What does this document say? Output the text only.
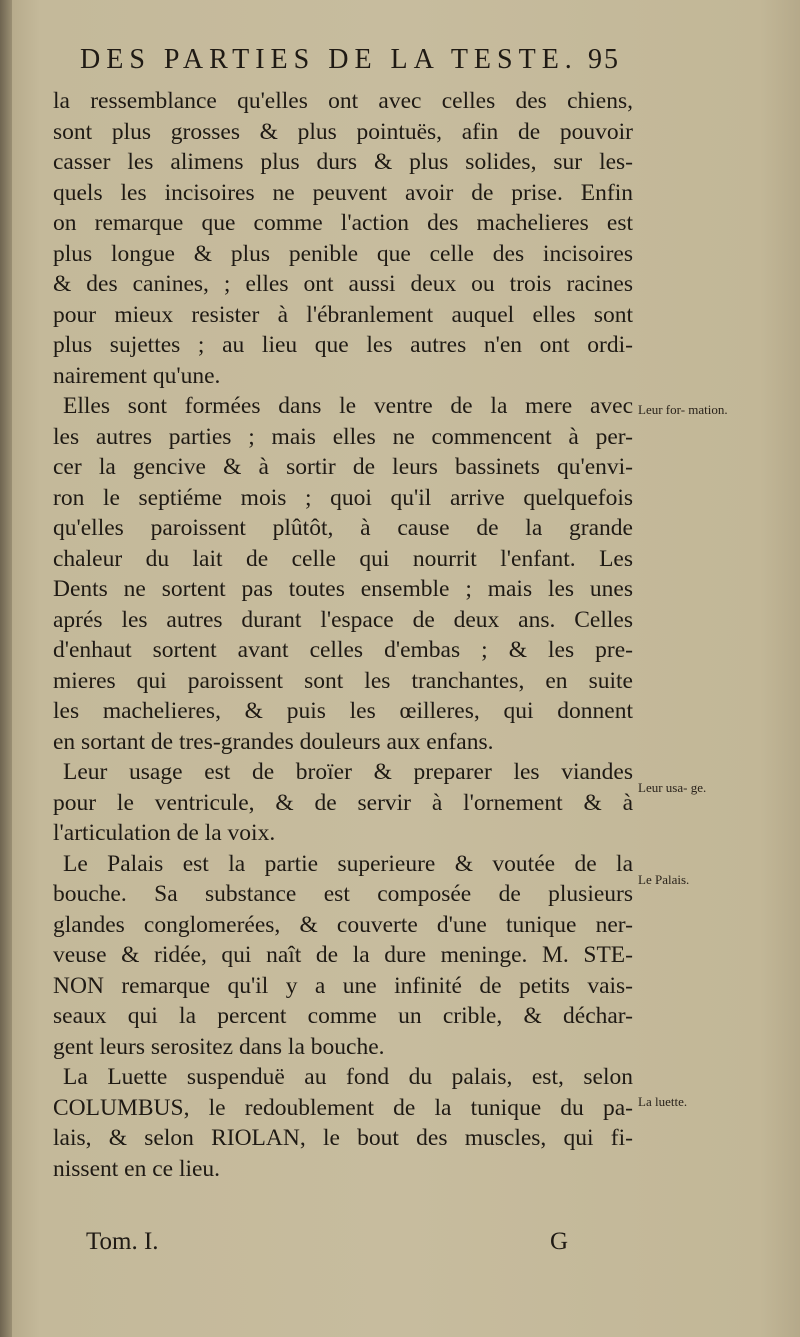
DES PARTIES DE LA TESTE. 95
la ressemblance qu'elles ont avec celles des chiens,
sont plus grosses & plus pointuës, afin de pouvoir
casser les alimens plus durs & plus solides, sur les-
quels les incisoires ne peuvent avoir de prise. Enfin
on remarque que comme l'action des machelieres est
plus longue & plus penible que celle des incisoires
& des canines, ; elles ont aussi deux ou trois racines
pour mieux resister à l'ébranlement auquel elles sont
plus sujettes ; au lieu que les autres n'en ont ordi-
nairement qu'une.
Elles sont formées dans le ventre de la mere avec
les autres parties ; mais elles ne commencent à per-
cer la gencive & à sortir de leurs bassinets qu'envi-
ron le septiéme mois ; quoi qu'il arrive quelquefois
qu'elles paroissent plûtôt, à cause de la grande
chaleur du lait de celle qui nourrit l'enfant. Les
Dents ne sortent pas toutes ensemble ; mais les unes
aprés les autres durant l'espace de deux ans. Celles
d'enhaut sortent avant celles d'embas ; & les pre-
mieres qui paroissent sont les tranchantes, en suite
les machelieres, & puis les œilleres, qui donnent
en sortant de tres-grandes douleurs aux enfans.
Leur usage est de broïer & preparer les viandes
pour le ventricule, & de servir à l'ornement & à
l'articulation de la voix.
Le Palais est la partie superieure & voutée de la
bouche. Sa substance est composée de plusieurs
glandes conglomerées, & couverte d'une tunique ner-
veuse & ridée, qui naît de la dure meninge. M. STE-
NON remarque qu'il y a une infinité de petits vais-
seaux qui la percent comme un crible, & déchar-
gent leurs serositez dans la bouche.
La Luette suspenduë au fond du palais, est, selon
COLUMBUS, le redoublement de la tunique du pa-
lais, & selon RIOLAN, le bout des muscles, qui fi-
nissent en ce lieu.
Leur for- mation.
Leur usa- ge.
Le Palais.
La luette.
Tom. I.	G
